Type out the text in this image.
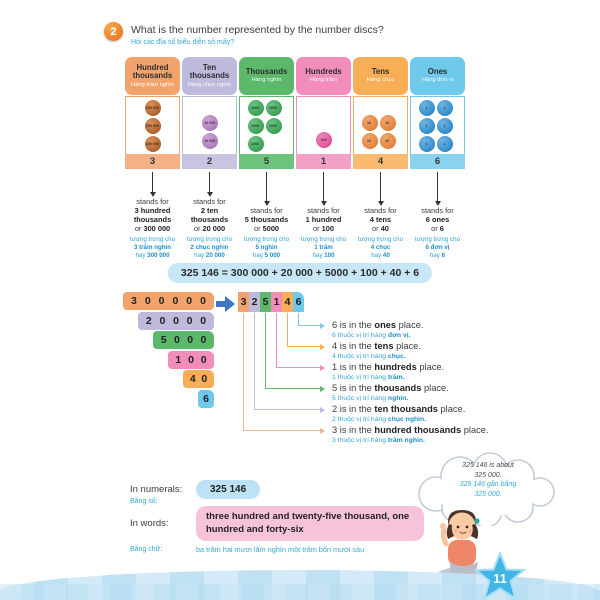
2	What is the number represented by the number discs?
Hỏi các đĩa số biểu diễn số mấy?
Hundred thousands
Hàng trăm nghìn
100 000
100 000
100 000
3
Ten thousands
Hàng chục nghìn
10 000
10 000
2
Thousands
Hàng nghìn
1000 1000
1000 1000
1000
5
Hundreds
Hàng trăm
100
1
Tens
Hàng chục
10 10
10 10
4
Ones
Hàng đơn vị
1 1
1 1
1 1
6
stands for
3 hundred thousands
or 300 000
tượng trưng cho
3 trăm nghìn
hay 300 000
stands for
2 ten thousands
or 20 000
tượng trưng cho
2 chục nghìn
hay 20 000
stands for
5 thousands
or 5000
tượng trưng cho
5 nghìn
hay 5 000
stands for
1 hundred
or 100
tượng trưng cho
1 trăm
hay 100
stands for
4 tens
or 40
tượng trưng cho
4 chục
hay 40
stands for
6 ones
or 6
tượng trưng cho
6 đơn vị
hay 6
325 146 = 300 000 + 20 000 + 5000 + 100 + 40 + 6
3 0 0 0 0 0
2 0 0 0 0
5 0 0 0
1 0 0
4 0
6
3 2 5 1 4 6
6 is in the ones place.
6 thuộc vị trí hàng đơn vị.
4 is in the tens place.
4 thuộc vị trí hàng chục.
1 is in the hundreds place.
1 thuộc vị trí hàng trăm.
5 is in the thousands place.
5 thuộc vị trí hàng nghìn.
2 is in the ten thousands place.
2 thuộc vị trí hàng chục nghìn.
3 is in the hundred thousands place.
3 thuộc vị trí hàng trăm nghìn.
In numerals:
Bằng số:
325 146
In words:
Bằng chữ:
three hundred and twenty-five thousand, one hundred and forty-six
ba trăm hai mươi lăm nghìn một trăm bốn mươi sáu
325 146 is about
325 000.
325 146 gần bằng
325 000.
11
